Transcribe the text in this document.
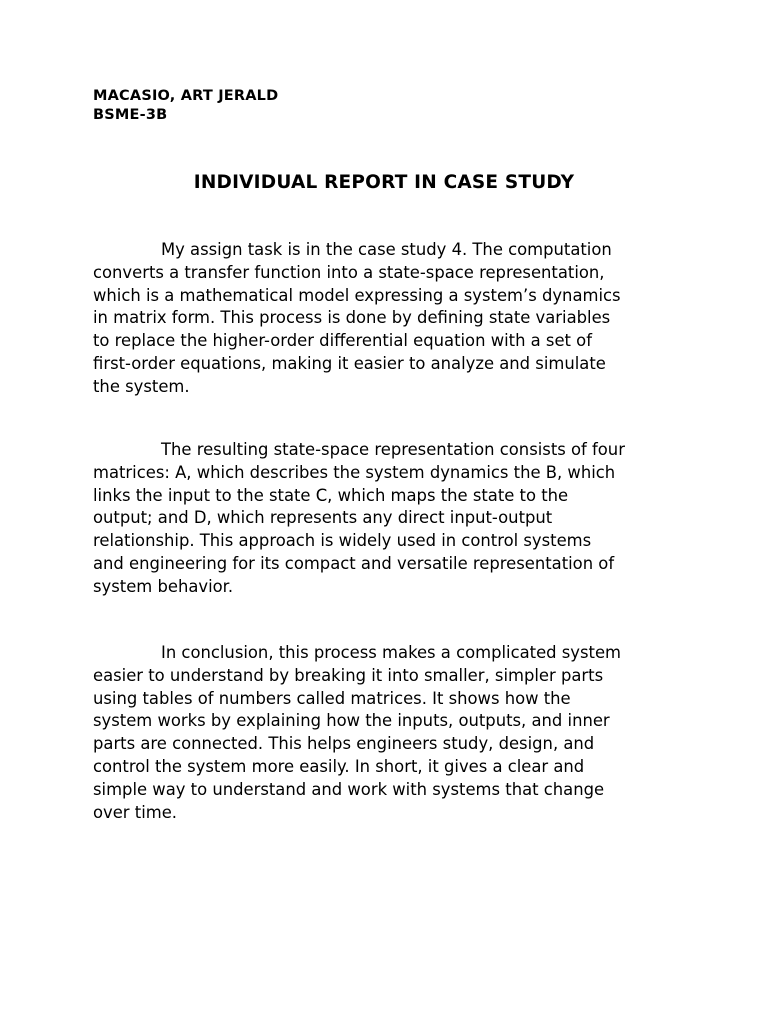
MACASIO, ART JERALD
BSME-3B
INDIVIDUAL REPORT IN CASE STUDY

My assign task is in the case study 4. The computation
converts a transfer function into a state-space representation,
which is a mathematical model expressing a system’s dynamics
in matrix form. This process is done by defining state variables
to replace the higher-order differential equation with a set of
first-order equations, making it easier to analyze and simulate
the system.

The resulting state-space representation consists of four
matrices: A, which describes the system dynamics the B, which
links the input to the state C, which maps the state to the
output; and D, which represents any direct input-output
relationship. This approach is widely used in control systems
and engineering for its compact and versatile representation of
system behavior.

In conclusion, this process makes a complicated system
easier to understand by breaking it into smaller, simpler parts
using tables of numbers called matrices. It shows how the
system works by explaining how the inputs, outputs, and inner
parts are connected. This helps engineers study, design, and
control the system more easily. In short, it gives a clear and
simple way to understand and work with systems that change
over time.
